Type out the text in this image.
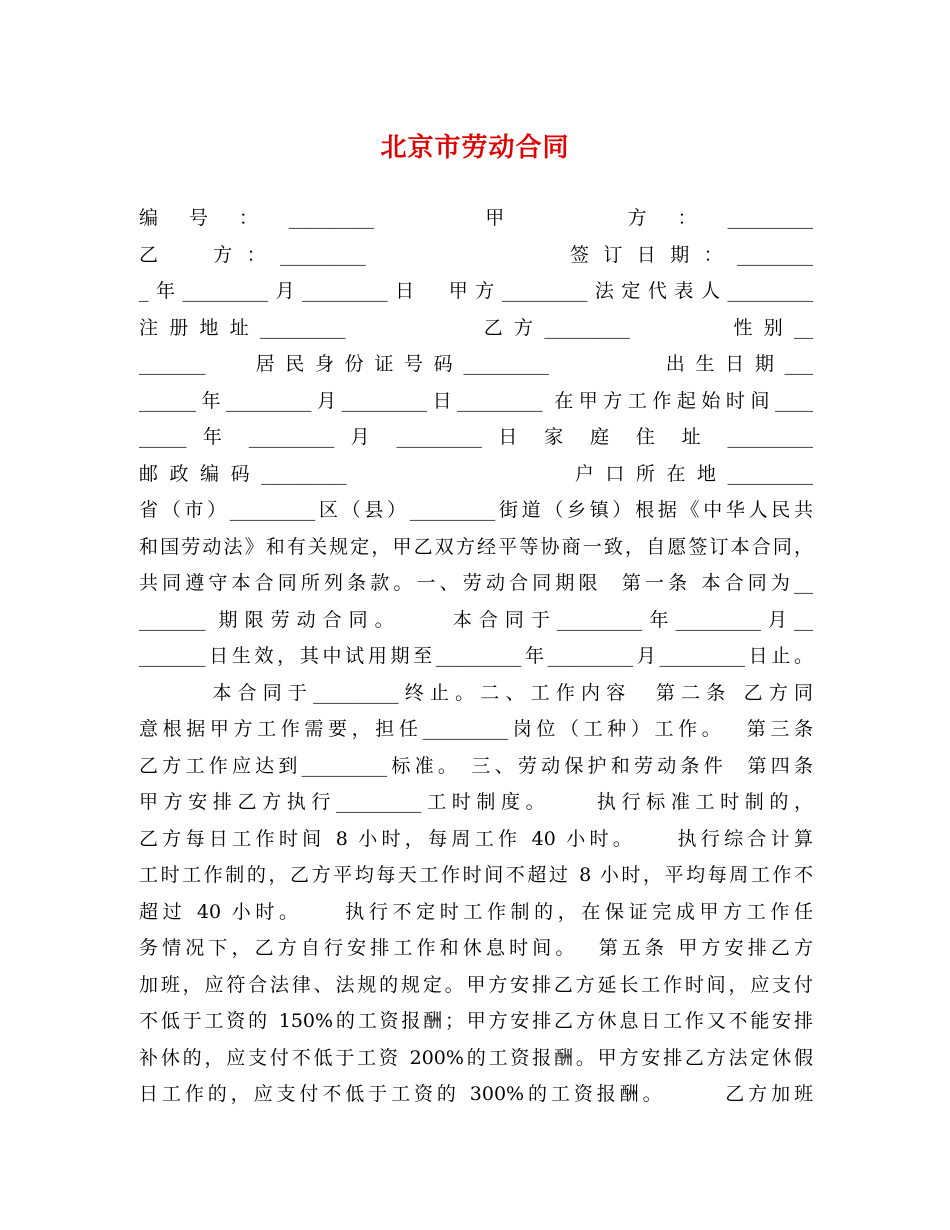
北京市劳动合同
编 号 ： _________      甲      方 ： _________
乙  方：_________          签订日期：________
_年_________月_________日  甲方_________法定代表人_________
注册地址_________        乙方_________      性别__
_______   居民身份证号码_________       出生日期___
______年_________月_________日_________ 在甲方工作起始时间____
_____ 年 _________ 月 _________ 日 家 庭 住 址 _________
邮政编码_________             户口所在地_________
省（市）_________区（县）_________街道（乡镇）根据《中华人民共
和国劳动法》和有关规定，甲乙双方经平等协商一致，自愿签订本合同，
共同遵守本合同所列条款。一、劳动合同期限  第一条 本合同为__
_______ 期限劳动合同。    本合同于_________年_________月__
_______日生效，其中试用期至_________年_________月_________日止。
本合同于_________终止。二、工作内容  第二条 乙方同
意根据甲方工作需要，担任_________岗位（工种）工作。  第三条
乙方工作应达到_________标准。 三、劳动保护和劳动条件  第四条
甲方安排乙方执行_________工时制度。    执行标准工时制的，
乙方每日工作时间 8 小时，每周工作 40 小时。    执行综合计算
工时工作制的，乙方平均每天工作时间不超过 8 小时，平均每周工作不
超过 40 小时。    执行不定时工作制的，在保证完成甲方工作任
务情况下，乙方自行安排工作和休息时间。  第五条 甲方安排乙方
加班，应符合法律、法规的规定。甲方安排乙方延长工作时间，应支付
不低于工资的 150%的工资报酬；甲方安排乙方休息日工作又不能安排
补休的，应支付不低于工资 200%的工资报酬。甲方安排乙方法定休假
日工作的，应支付不低于工资的 300%的工资报酬。      乙方加班
